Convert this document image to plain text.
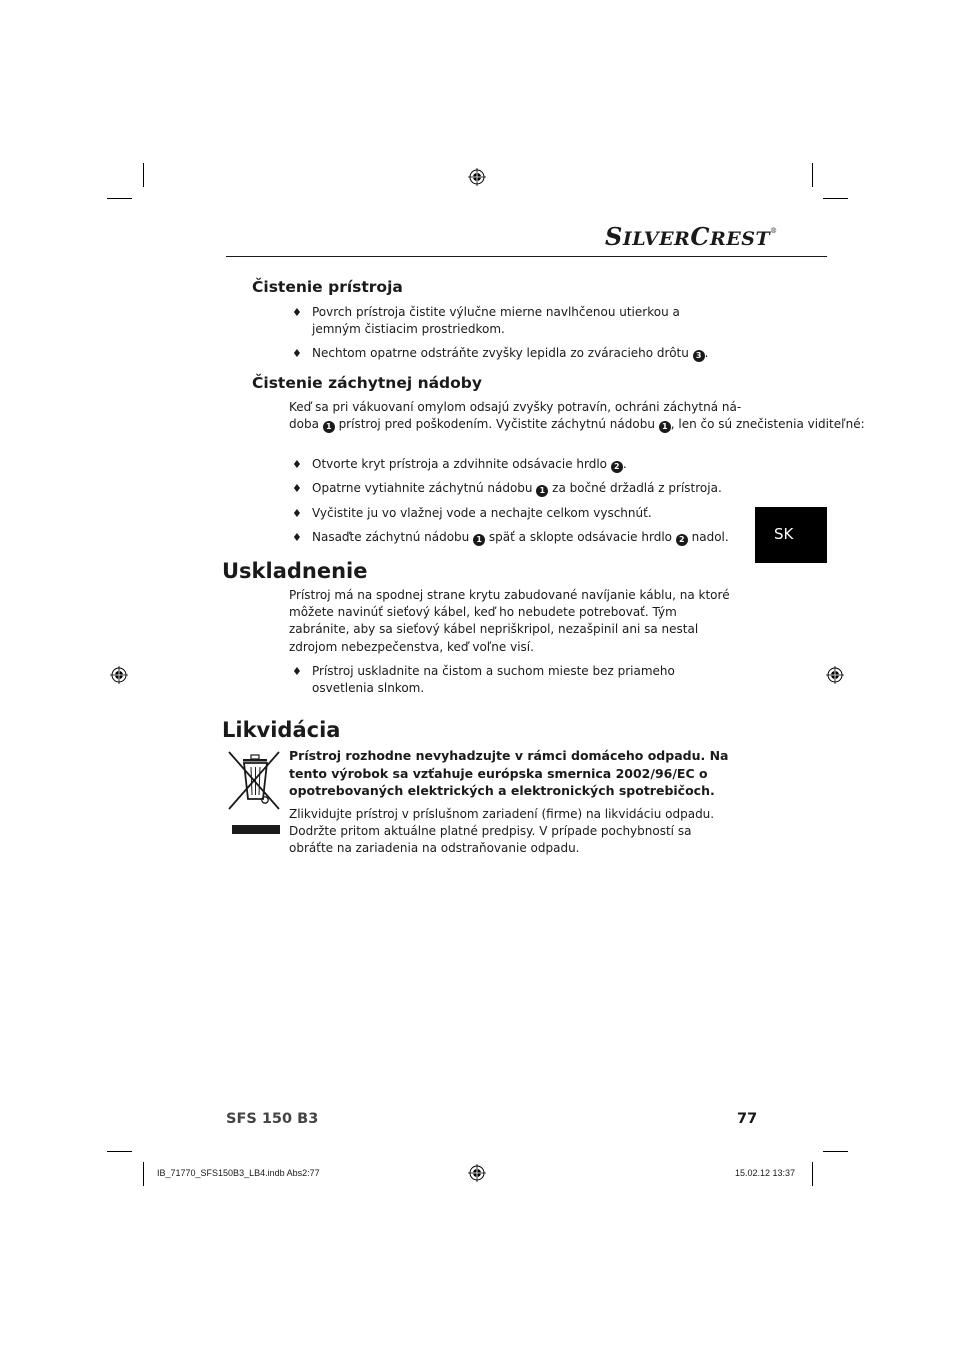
SILVERCREST®
Čistenie prístroja
♦ Povrch prístroja čistite výlučne mierne navlhčenou utierkou a jemným čistiacim prostriedkom.
♦ Nechtom opatrne odstráňte zvyšky lepidla zo zváracieho drôtu 3 .
Čistenie záchytnej nádoby
Keď sa pri vákuovaní omylom odsajú zvyšky potravín, ochráni záchytná ná-
doba 1 prístroj pred poškodením. Vyčistite záchytnú nádobu 1 , len čo sú znečistenia viditeľné:
♦ Otvorte kryt prístroja a zdvihnite odsávacie hrdlo 2 .
♦ Opatrne vytiahnite záchytnú nádobu 1 za bočné držadlá z prístroja.
♦ Vyčistite ju vo vlažnej vode a nechajte celkom vyschnúť.
♦ Nasaďte záchytnú nádobu 1 späť a sklopte odsávacie hrdlo 2 nadol.	SK
Uskladnenie
Prístroj má na spodnej strane krytu zabudované navíjanie káblu, na ktoré môžete navinúť sieťový kábel, keď ho nebudete potrebovať. Tým zabránite, aby sa sieťový kábel nepriškripol, nezašpinil ani sa nestal zdrojom nebezpečenstva, keď voľne visí.
♦ Prístroj uskladnite na čistom a suchom mieste bez priameho osvetlenia slnkom.
Likvidácia
Prístroj rozhodne nevyhadzujte v rámci domáceho odpadu. Na tento výrobok sa vzťahuje európska smernica 2002/96/EC o opotrebovaných elektrických a elektronických spotrebičoch.
Zlikvidujte prístroj v príslušnom zariadení (firme) na likvidáciu odpadu. Dodržte pritom aktuálne platné predpisy. V prípade pochybností sa obráťte na zariadenia na odstraňovanie odpadu.
SFS 150 B3	77
IB_71770_SFS150B3_LB4.indb Abs2:77	15.02.12 13:37
